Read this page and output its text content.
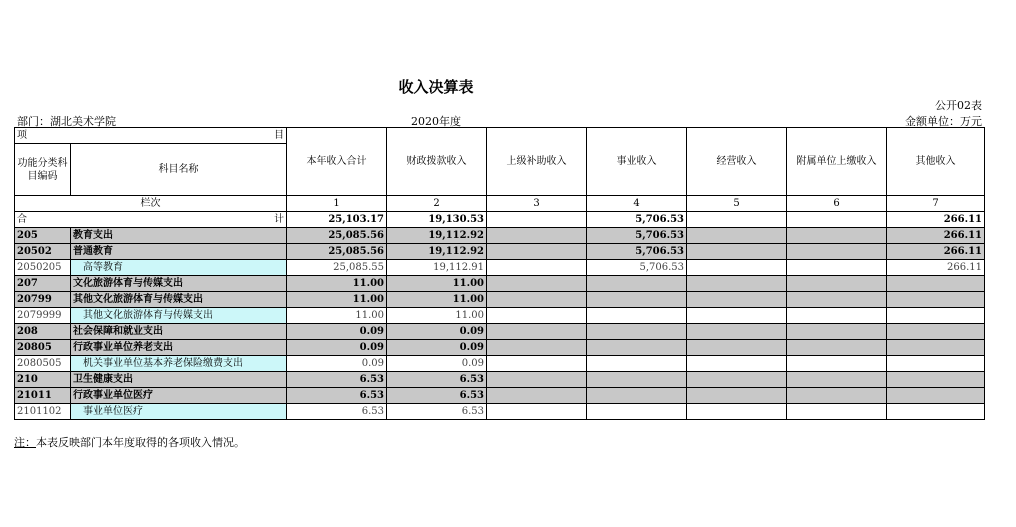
收入决算表
公开02表
部门：湖北美术学院	2020年度	金额单位：万元
项 目		本年收入合计	财政拨款收入	上级补助收入	事业收入	经营收入	附属单位上缴收入	其他收入
功能分类科目编码	科目名称							
栏次		1	2	3	4	5	6	7

合 计		25,103.17	19,130.53		5,706.53			266.11
205	教育支出	25,085.56	19,112.92		5,706.53			266.11
20502	普通教育	25,085.56	19,112.92		5,706.53			266.11
2050205	高等教育	25,085.55	19,112.91		5,706.53			266.11
207	文化旅游体育与传媒支出	11.00	11.00					
20799	其他文化旅游体育与传媒支出	11.00	11.00					
2079999	其他文化旅游体育与传媒支出	11.00	11.00					
208	社会保障和就业支出	0.09	0.09					
20805	行政事业单位养老支出	0.09	0.09					
2080505	机关事业单位基本养老保险缴费支出	0.09	0.09					
210	卫生健康支出	6.53	6.53					
21011	行政事业单位医疗	6.53	6.53					
2101102	事业单位医疗	6.53	6.53					
注：本表反映部门本年度取得的各项收入情况。
